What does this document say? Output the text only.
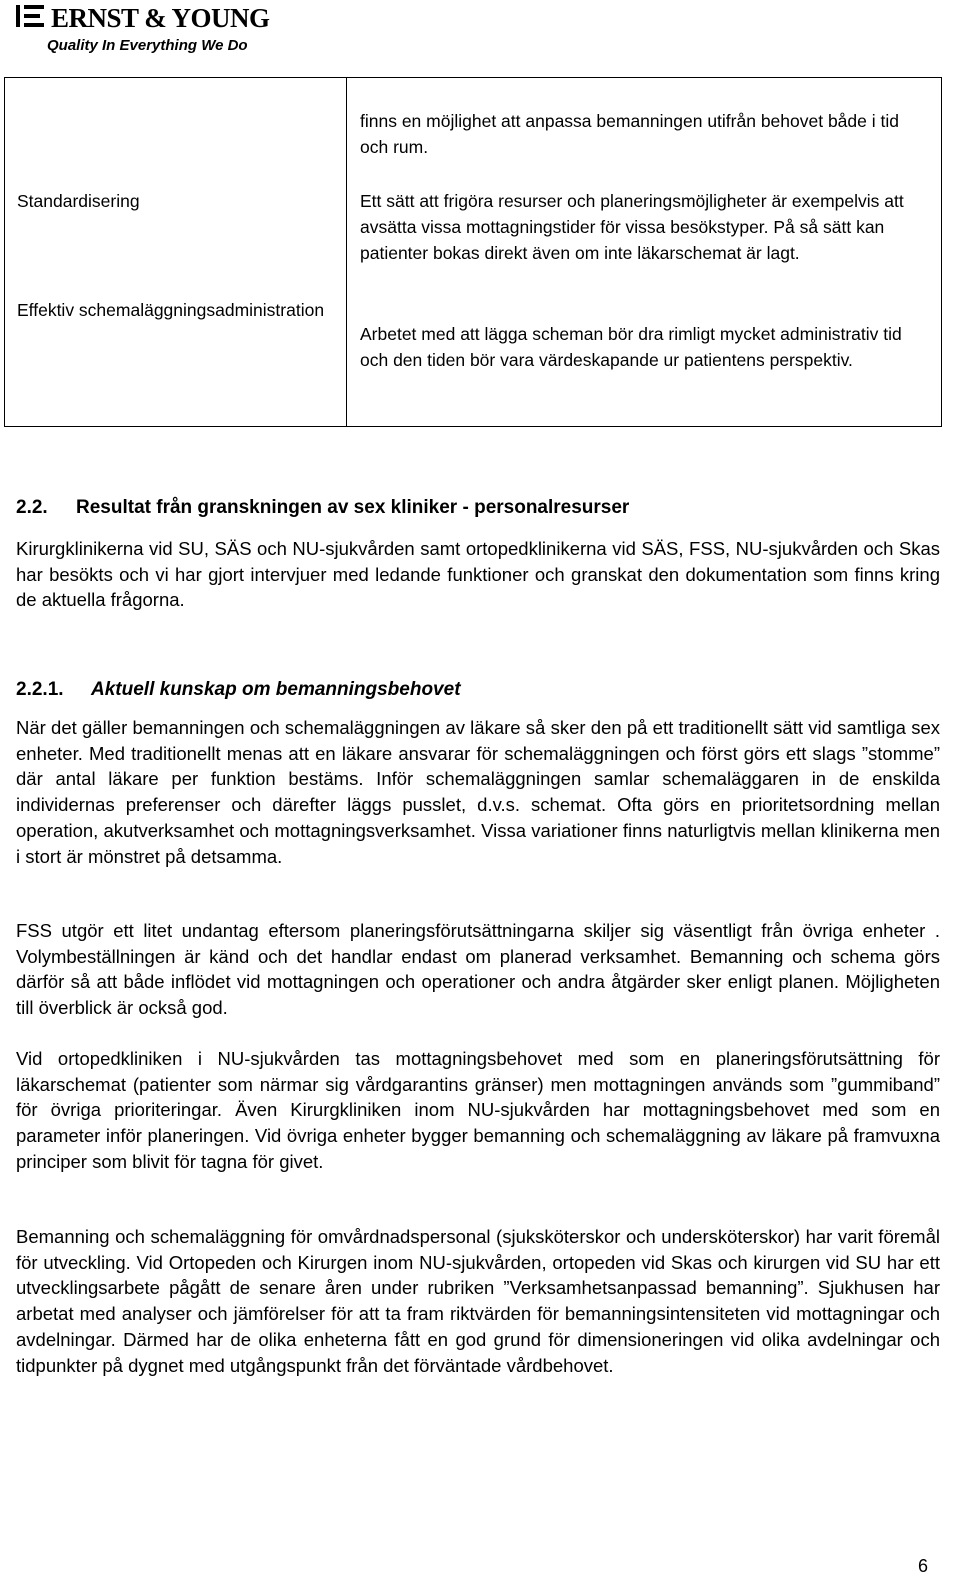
ERNST & YOUNG
Quality In Everything We Do
finns en möjlighet att anpassa bemanningen utifrån behovet både i tid och rum.
Standardisering	Ett sätt att frigöra resurser och planeringsmöjligheter är exempelvis att avsätta vissa mottagningstider för vissa besökstyper. På så sätt kan patienter bokas direkt även om inte läkarschemat är lagt.
Effektiv schemaläggningsadministration
Arbetet med att lägga scheman bör dra rimligt mycket administrativ tid och den tiden bör vara värdeskapande ur patientens perspektiv.
2.2. Resultat från granskningen av sex kliniker - personalresurser
Kirurgklinikerna vid SU, SÄS och NU-sjukvården samt ortopedklinikerna vid SÄS, FSS, NU-sjukvården och Skas har besökts och vi har gjort intervjuer med ledande funktioner och granskat den dokumentation som finns kring de aktuella frågorna.
2.2.1. Aktuell kunskap om bemanningsbehovet
När det gäller bemanningen och schemaläggningen av läkare så sker den på ett traditionellt sätt vid samtliga sex enheter. Med traditionellt menas att en läkare ansvarar för schemaläggningen och först görs ett slags ”stomme” där antal läkare per funktion bestäms. Inför schemaläggningen samlar schemaläggaren in de enskilda individernas preferenser och därefter läggs pusslet, d.v.s. schemat. Ofta görs en prioritetsordning mellan operation, akutverksamhet och mottagningsverksamhet. Vissa variationer finns naturligtvis mellan klinikerna men i stort är mönstret på detsamma.
FSS utgör ett litet undantag eftersom planeringsförutsättningarna skiljer sig väsentligt från övriga enheter . Volymbeställningen är känd och det handlar endast om planerad verksamhet. Bemanning och schema görs därför så att både inflödet vid mottagningen och operationer och andra åtgärder sker enligt planen. Möjligheten till överblick är också god.
Vid ortopedkliniken i NU-sjukvården tas mottagningsbehovet med som en planeringsförutsättning för läkarschemat (patienter som närmar sig vårdgarantins gränser) men mottagningen används som ”gummiband” för övriga prioriteringar. Även Kirurgkliniken inom NU-sjukvården har mottagningsbehovet med som en parameter inför planeringen. Vid övriga enheter bygger bemanning och schemaläggning av läkare på framvuxna principer som blivit för tagna för givet.
Bemanning och schemaläggning för omvårdnadspersonal (sjuksköterskor och undersköterskor) har varit föremål för utveckling. Vid Ortopeden och Kirurgen inom NU-sjukvården, ortopeden vid Skas och kirurgen vid SU har ett utvecklingsarbete pågått de senare åren under rubriken ”Verksamhetsanpassad bemanning”. Sjukhusen har arbetat med analyser och jämförelser för att ta fram riktvärden för bemanningsintensiteten vid mottagningar och avdelningar. Därmed har de olika enheterna fått en god grund för dimensioneringen vid olika avdelningar och tidpunkter på dygnet med utgångspunkt från det förväntade vårdbehovet.
6
